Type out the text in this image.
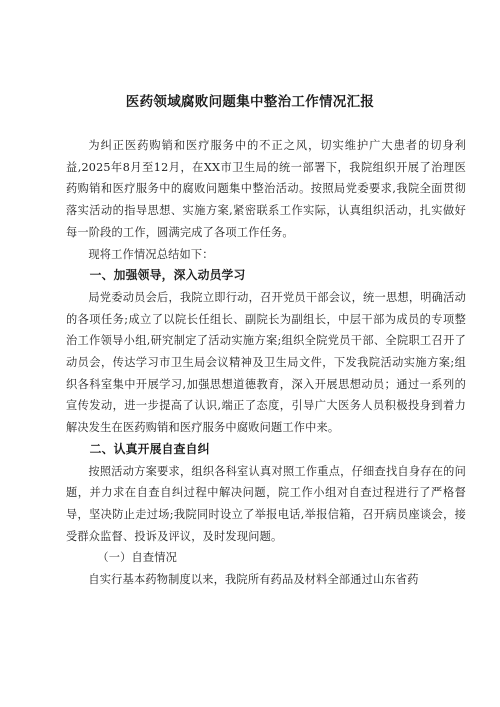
医药领域腐败问题集中整治工作情况汇报

为纠正医药购销和医疗服务中的不正之风，切实维护广大患者的切身利益,2025年8月至12月，在XX市卫生局的统一部署下，我院组织开展了治理医药购销和医疗服务中的腐败问题集中整治活动。按照局党委要求,我院全面贯彻落实活动的指导思想、实施方案,紧密联系工作实际，认真组织活动，扎实做好每一阶段的工作，圆满完成了各项工作任务。

现将工作情况总结如下：

一、加强领导，深入动员学习

局党委动员会后，我院立即行动，召开党员干部会议，统一思想，明确活动的各项任务;成立了以院长任组长、副院长为副组长，中层干部为成员的专项整治工作领导小组,研究制定了活动实施方案;组织全院党员干部、全院职工召开了动员会，传达学习市卫生局会议精神及卫生局文件，下发我院活动实施方案;组织各科室集中开展学习,加强思想道德教育，深入开展思想动员；通过一系列的宣传发动，进一步提高了认识,端正了态度，引导广大医务人员积极投身到着力解决发生在医药购销和医疗服务中腐败问题工作中来。

二、认真开展自查自纠

按照活动方案要求，组织各科室认真对照工作重点，仔细查找自身存在的问题，并力求在自查自纠过程中解决问题，院工作小组对自查过程进行了严格督导，坚决防止走过场;我院同时设立了举报电话,举报信箱，召开病员座谈会，接受群众监督、投诉及评议，及时发现问题。

（一）自查情况

自实行基本药物制度以来，我院所有药品及材料全部通过山东省药
